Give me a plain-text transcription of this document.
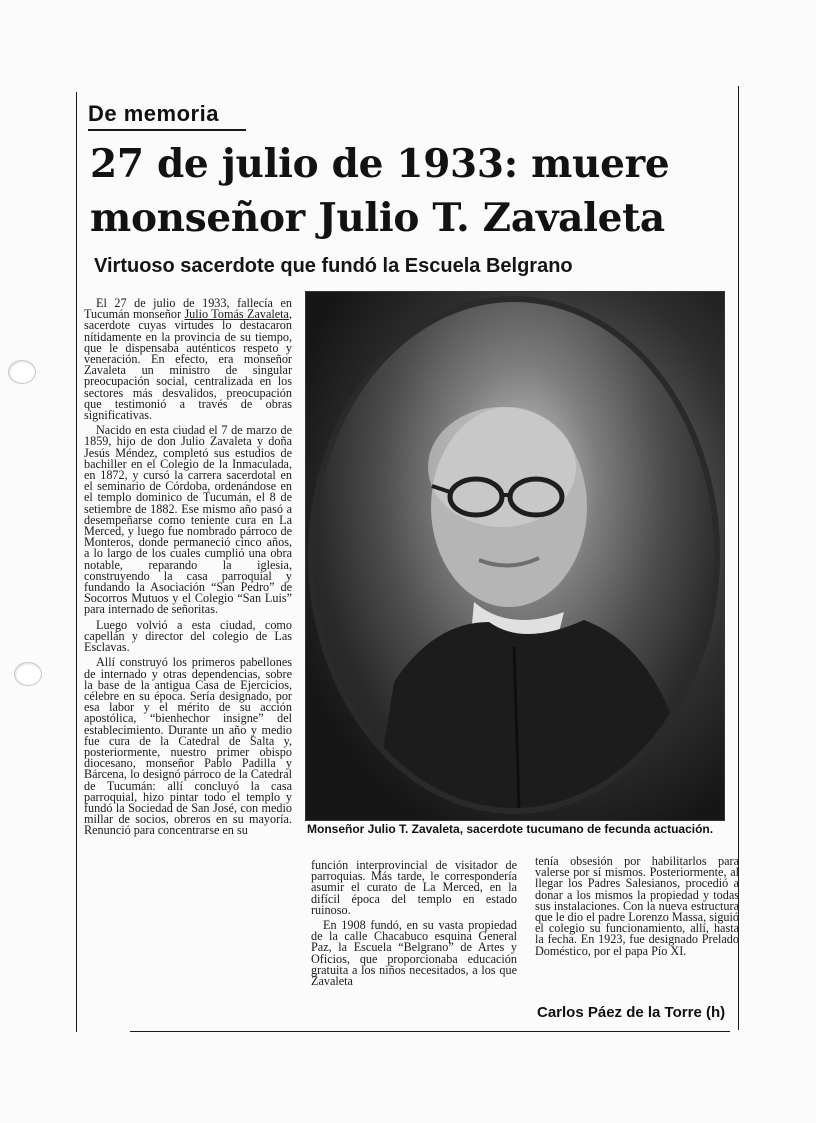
De memoria
27 de julio de 1933: muere
monseñor Julio T. Zavaleta
Virtuoso sacerdote que fundó la Escuela Belgrano

El 27 de julio de 1933, fallecía en Tucumán monseñor Julio Tomás Zavaleta, sacerdote cuyas virtudes lo destacaron nítidamente en la provincia de su tiempo, que le dispensaba auténticos respeto y veneración. En efecto, era monseñor Zavaleta un ministro de singular preocupación social, centralizada en los sectores más desvalidos, preocupación que testimonió a través de obras significativas.

Nacido en esta ciudad el 7 de marzo de 1859, hijo de don Julio Zavaleta y doña Jesús Méndez, completó sus estudios de bachiller en el Colegio de la Inmaculada, en 1872, y cursó la carrera sacerdotal en el seminario de Córdoba, ordenándose en el templo dominico de Tucumán, el 8 de setiembre de 1882. Ese mismo año pasó a desempeñarse como teniente cura en La Merced, y luego fue nombrado párroco de Monteros, donde permaneció cinco años, a lo largo de los cuales cumplió una obra notable, reparando la iglesia, construyendo la casa parroquial y fundando la Asociación “San Pedro” de Socorros Mutuos y el Colegio “San Luis” para internado de señoritas.

Luego volvió a esta ciudad, como capellán y director del colegio de Las Esclavas.

Allí construyó los primeros pabellones de internado y otras dependencias, sobre la base de la antigua Casa de Ejercicios, célebre en su época. Sería designado, por esa labor y el mérito de su acción apostólica, “bienhechor insigne” del establecimiento. Durante un año y medio fue cura de la Catedral de Salta y, posteriormente, nuestro primer obispo diocesano, monseñor Pablo Padilla y Bárcena, lo designó párroco de la Catedral de Tucumán: allí concluyó la casa parroquial, hizo pintar todo el templo y fundó la Sociedad de San José, con medio millar de socios, obreros en su mayoría. Renunció para concentrarse en su	Monseñor Julio T. Zavaleta, sacerdote tucumano de fecunda actuación.

función interprovincial de visitador de parroquias. Más tarde, le correspondería asumir el curato de La Merced, en la difícil época del templo en estado ruinoso.

En 1908 fundó, en su vasta propiedad de la calle Chacabuco esquina General Paz, la Escuela “Belgrano” de Artes y Oficios, que proporcionaba educación gratuita a los niños necesitados, a los que Zavaleta

tenía obsesión por habilitarlos para valerse por sí mismos. Posteriormente, al llegar los Padres Salesianos, procedió a donar a los mismos la propiedad y todas sus instalaciones. Con la nueva estructura que le dio el padre Lorenzo Massa, siguió el colegio su funcionamiento, allí, hasta la fecha. En 1923, fue designado Prelado Doméstico, por el papa Pío XI.

Carlos Páez de la Torre (h)
